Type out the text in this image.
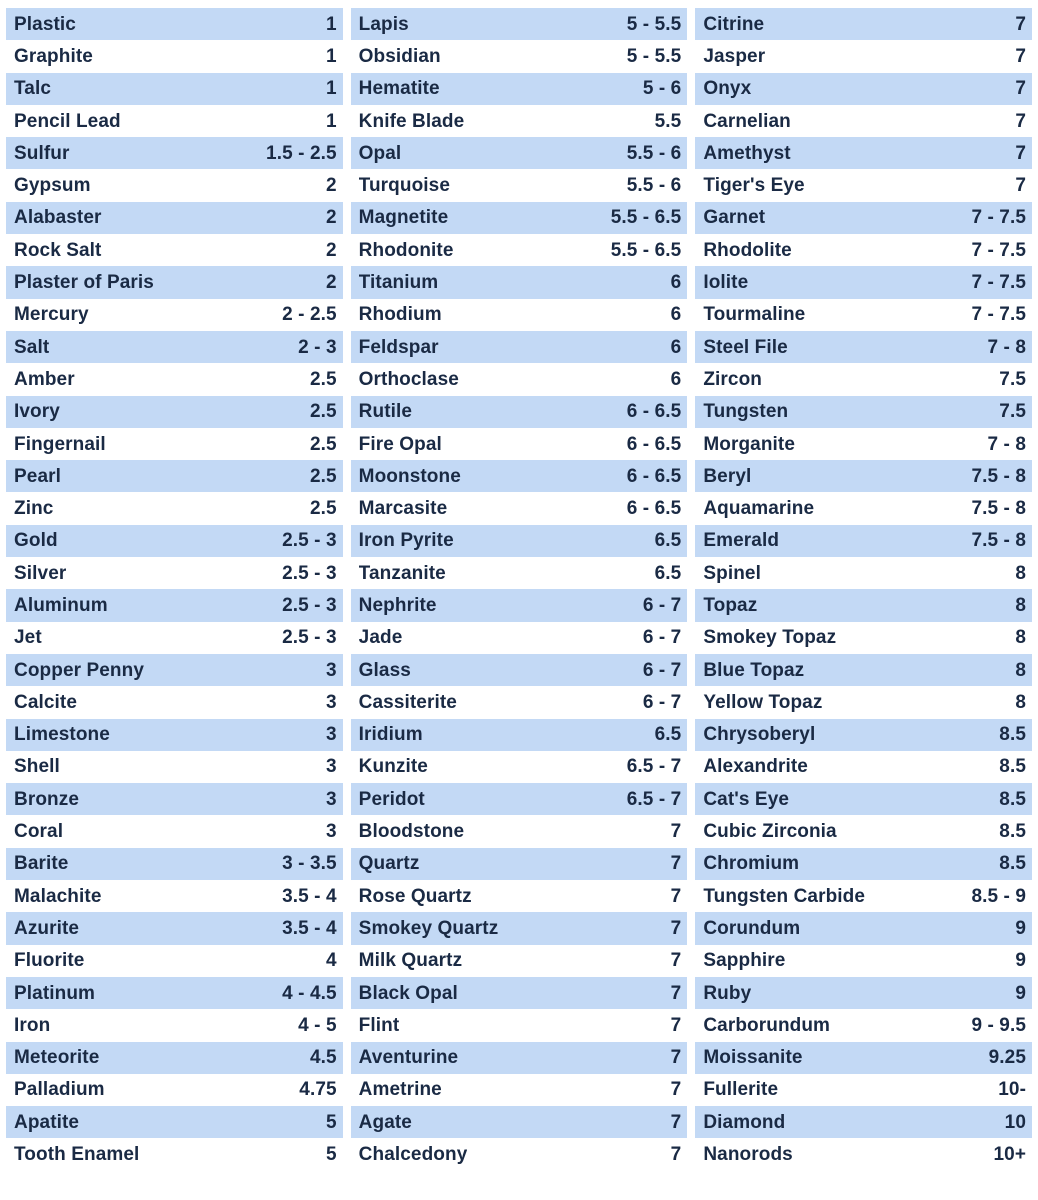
Plastic	1
Graphite	1
Talc	1
Pencil Lead	1
Sulfur	1.5 - 2.5
Gypsum	2
Alabaster	2
Rock Salt	2
Plaster of Paris	2
Mercury	2 - 2.5
Salt	2 - 3
Amber	2.5
Ivory	2.5
Fingernail	2.5
Pearl	2.5
Zinc	2.5
Gold	2.5 - 3
Silver	2.5 - 3
Aluminum	2.5 - 3
Jet	2.5 - 3
Copper Penny	3
Calcite	3
Limestone	3
Shell	3
Bronze	3
Coral	3
Barite	3 - 3.5
Malachite	3.5 - 4
Azurite	3.5 - 4
Fluorite	4
Platinum	4 - 4.5
Iron	4 - 5
Meteorite	4.5
Palladium	4.75
Apatite	5
Tooth Enamel	5
Lapis	5 - 5.5
Obsidian	5 - 5.5
Hematite	5 - 6
Knife Blade	5.5
Opal	5.5 - 6
Turquoise	5.5 - 6
Magnetite	5.5 - 6.5
Rhodonite	5.5 - 6.5
Titanium	6
Rhodium	6
Feldspar	6
Orthoclase	6
Rutile	6 - 6.5
Fire Opal	6 - 6.5
Moonstone	6 - 6.5
Marcasite	6 - 6.5
Iron Pyrite	6.5
Tanzanite	6.5
Nephrite	6 - 7
Jade	6 - 7
Glass	6 - 7
Cassiterite	6 - 7
Iridium	6.5
Kunzite	6.5 - 7
Peridot	6.5 - 7
Bloodstone	7
Quartz	7
Rose Quartz	7
Smokey Quartz	7
Milk Quartz	7
Black Opal	7
Flint	7
Aventurine	7
Ametrine	7
Agate	7
Chalcedony	7
Citrine	7
Jasper	7
Onyx	7
Carnelian	7
Amethyst	7
Tiger's Eye	7
Garnet	7 - 7.5
Rhodolite	7 - 7.5
Iolite	7 - 7.5
Tourmaline	7 - 7.5
Steel File	7 - 8
Zircon	7.5
Tungsten	7.5
Morganite	7 - 8
Beryl	7.5 - 8
Aquamarine	7.5 - 8
Emerald	7.5 - 8
Spinel	8
Topaz	8
Smokey Topaz	8
Blue Topaz	8
Yellow Topaz	8
Chrysoberyl	8.5
Alexandrite	8.5
Cat's Eye	8.5
Cubic Zirconia	8.5
Chromium	8.5
Tungsten Carbide	8.5 - 9
Corundum	9
Sapphire	9
Ruby	9
Carborundum	9 - 9.5
Moissanite	9.25
Fullerite	10-
Diamond	10
Nanorods	10+
